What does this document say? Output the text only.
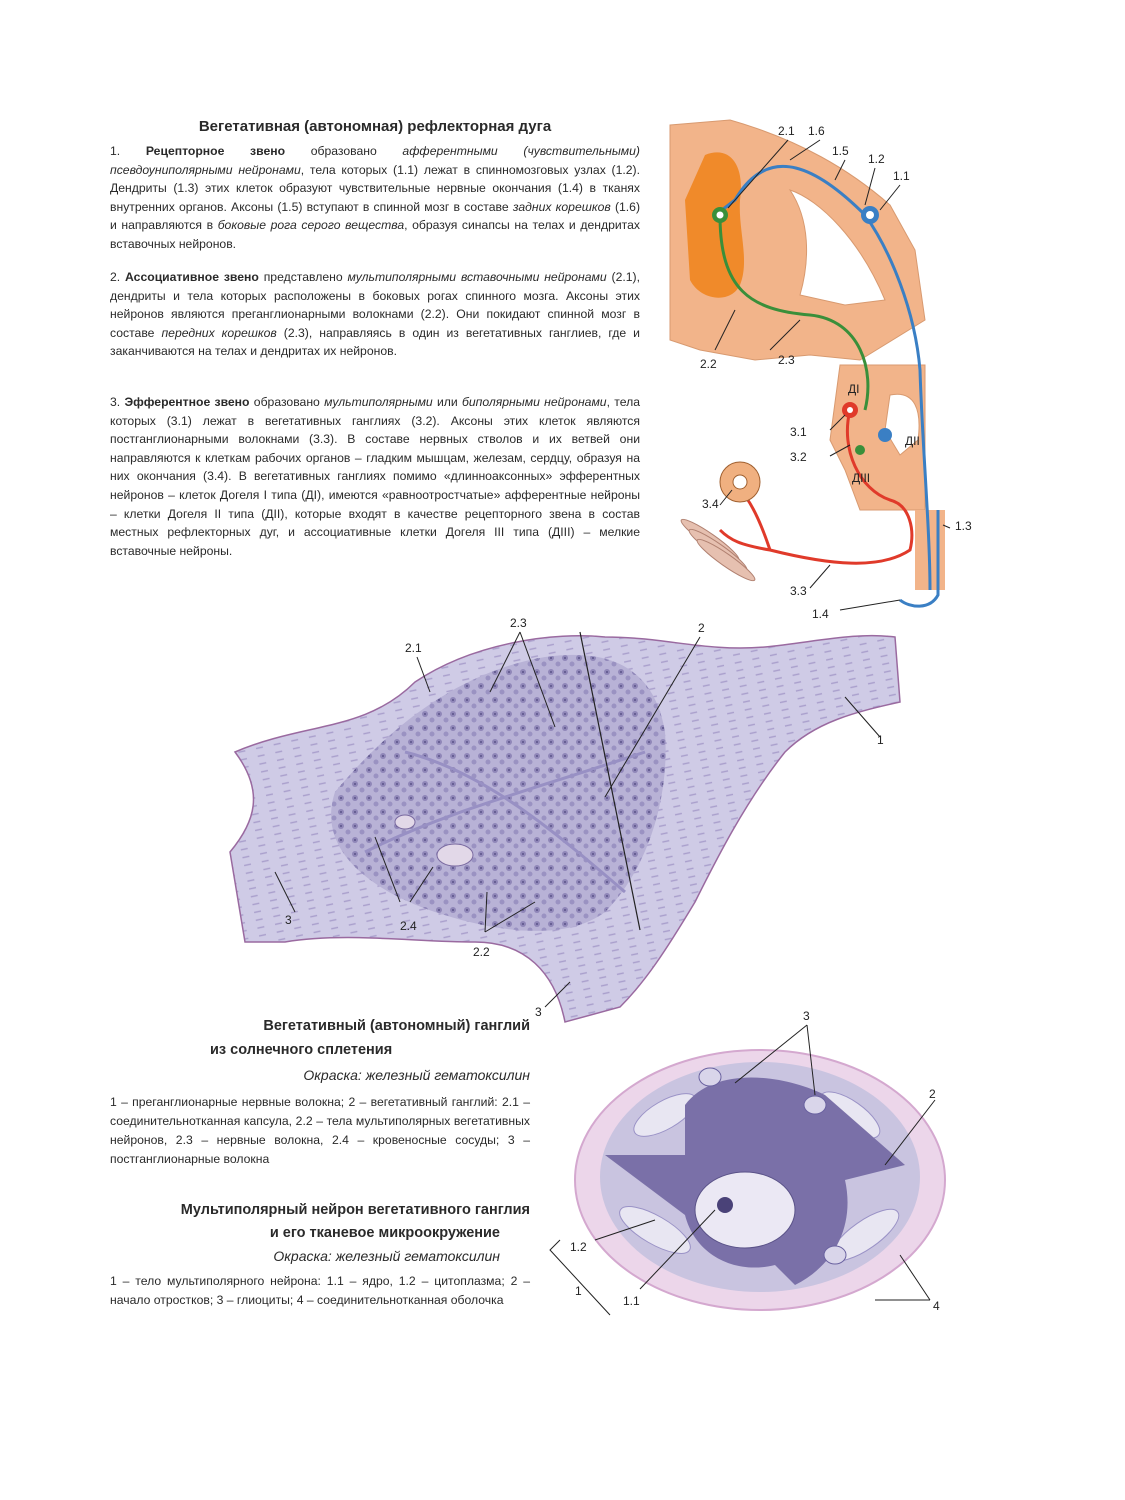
Вегетативная (автономная) рефлекторная дуга
1. Рецепторное звено образовано афферентными (чувствительными) псевдоуниполярными нейронами, тела которых (1.1) лежат в спинномозговых узлах (1.2). Дендриты (1.3) этих клеток образуют чувствительные нервные окончания (1.4) в тканях внутренних органов. Аксоны (1.5) вступают в спинной мозг в составе задних корешков (1.6) и направляются в боковые рога серого вещества, образуя синапсы на телах и дендритах вставочных нейронов.
2. Ассоциативное звено представлено мультиполярными вставочными нейронами (2.1), дендриты и тела которых расположены в боковых рогах спинного мозга. Аксоны этих нейронов являются преганглионарными волокнами (2.2). Они покидают спинной мозг в составе передних корешков (2.3), направляясь в один из вегетативных ганглиев, где и заканчиваются на телах и дендритах их нейронов.
3. Эфферентное звено образовано мультиполярными или биполярными нейронами, тела которых (3.1) лежат в вегетативных ганглиях (3.2). Аксоны этих клеток являются постганглионарными волокнами (3.3). В составе нервных стволов и их ветвей они направляются к клеткам рабочих органов – гладким мышцам, железам, сердцу, образуя на них окончания (3.4). В вегетативных ганглиях помимо «длинноаксонных» эфферентных нейронов – клеток Догеля I типа (ДI), имеются «равноотростчатые» афферентные нейроны – клетки Догеля II типа (ДII), которые входят в качестве рецепторного звена в состав местных рефлекторных дуг, и ассоциативные клетки Догеля III типа (ДIII) – мелкие вставочные нейроны.
2.1 1.6
1.5
1.2
1.1
2.2	2.3
ДI
ДII
ДIII
3.1
3.2
3.4
1.3
3.3
1.4
2.1
2.3	2
1
3	2.4
2.2
3
Вегетативный (автономный) ганглий
из солнечного сплетения
Окраска: железный гематоксилин
1 – преганглионарные нервные волокна; 2 – вегетативный ганглий: 2.1 – соединительнотканная капсула, 2.2 – тела мультиполярных вегетативных нейронов, 2.3 – нервные волокна, 2.4 – кровеносные сосуды; 3 – постганглионарные волокна
Мультиполярный нейрон вегетативного ганглия
и его тканевое микроокружение
Окраска: железный гематоксилин
1 – тело мультиполярного нейрона: 1.1 – ядро, 1.2 – цитоплазма; 2 – начало отростков; 3 – глиоциты; 4 – соединительнотканная оболочка
3
2
1.2
1
1.1	4
